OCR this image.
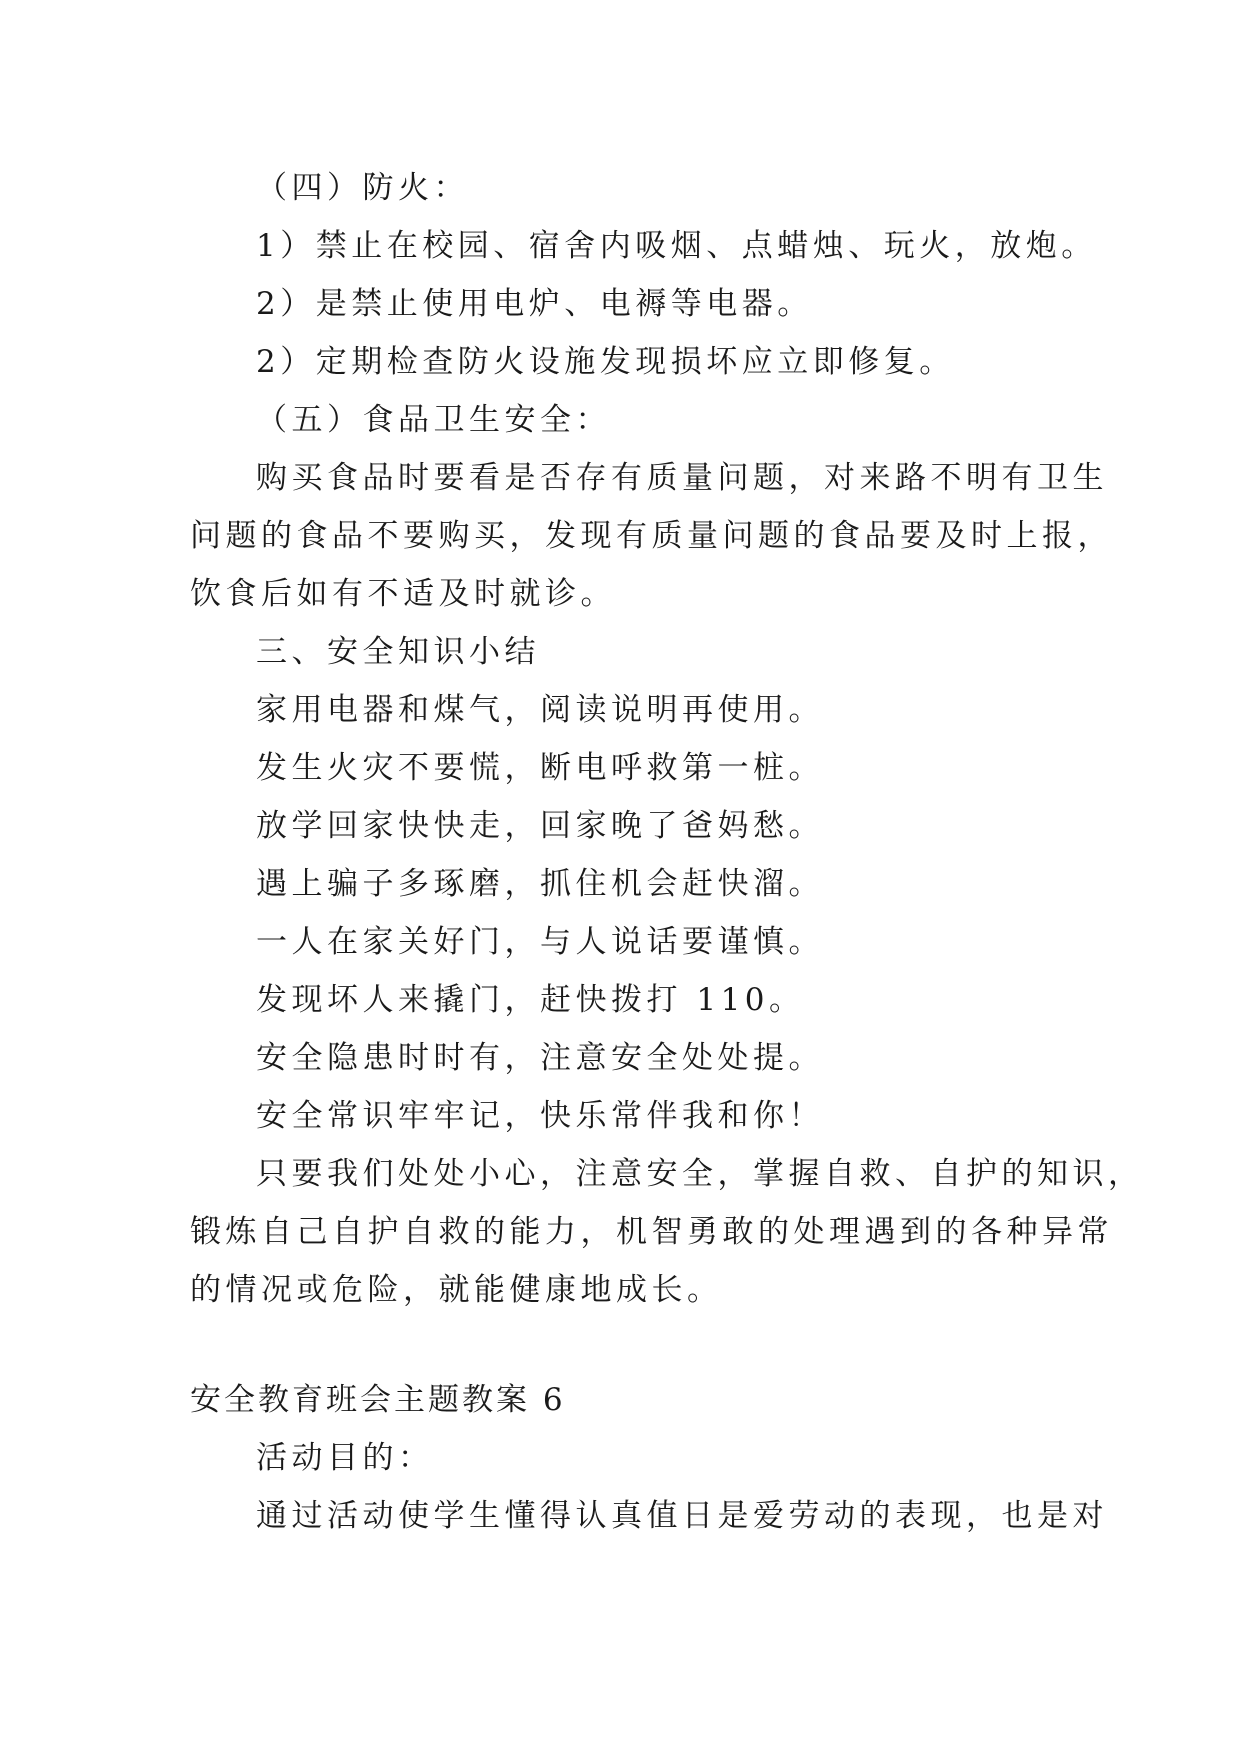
（四）防火：
1）禁止在校园、宿舍内吸烟、点蜡烛、玩火，放炮。
2）是禁止使用电炉、电褥等电器。
2）定期检查防火设施发现损坏应立即修复。
（五）食品卫生安全：
购买食品时要看是否存有质量问题，对来路不明有卫生
问题的食品不要购买，发现有质量问题的食品要及时上报，
饮食后如有不适及时就诊。
三、安全知识小结
家用电器和煤气，阅读说明再使用。
发生火灾不要慌，断电呼救第一桩。
放学回家快快走，回家晚了爸妈愁。
遇上骗子多琢磨，抓住机会赶快溜。
一人在家关好门，与人说话要谨慎。
发现坏人来撬门，赶快拨打 110。
安全隐患时时有，注意安全处处提。
安全常识牢牢记，快乐常伴我和你！
只要我们处处小心，注意安全，掌握自救、自护的知识，
锻炼自己自护自救的能力，机智勇敢的处理遇到的各种异常
的情况或危险，就能健康地成长。
安全教育班会主题教案 6
活动目的：
通过活动使学生懂得认真值日是爱劳动的表现，也是对
